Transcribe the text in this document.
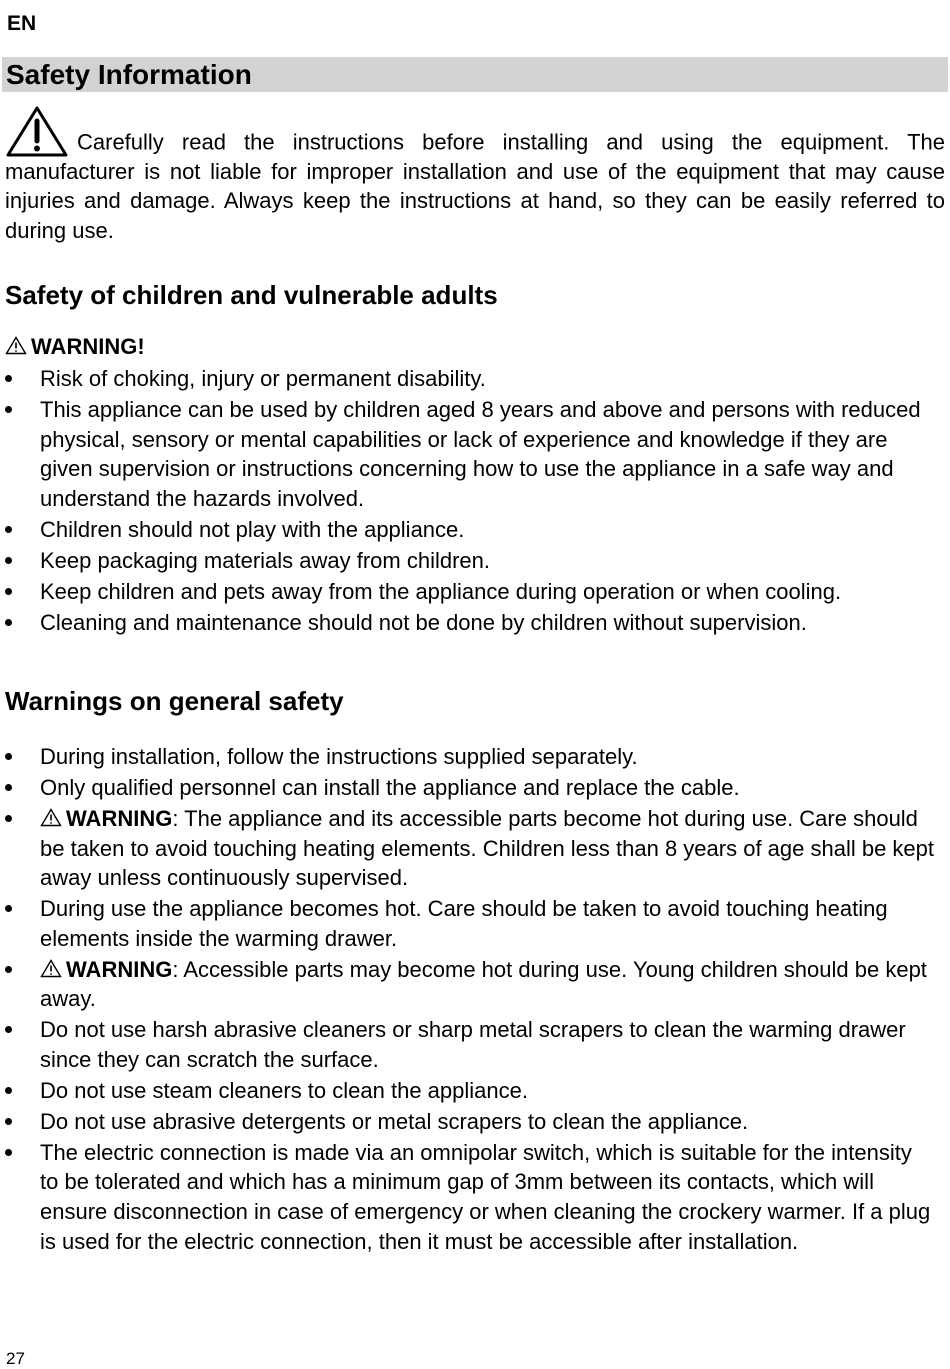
EN
Safety Information
Carefully read the instructions before installing and using the equipment. The manufacturer is not liable for improper installation and use of the equipment that may cause injuries and damage. Always keep the instructions at hand, so they can be easily referred to during use.
Safety of children and vulnerable adults
WARNING!
Risk of choking, injury or permanent disability.
This appliance can be used by children aged 8 years and above and persons with reduced physical, sensory or mental capabilities or lack of experience and knowledge if they are given supervision or instructions concerning how to use the appliance in a safe way and understand the hazards involved.
Children should not play with the appliance.
Keep packaging materials away from children.
Keep children and pets away from the appliance during operation or when cooling.
Cleaning and maintenance should not be done by children without supervision.
Warnings on general safety
During installation, follow the instructions supplied separately.
Only qualified personnel can install the appliance and replace the cable.
WARNING: The appliance and its accessible parts become hot during use. Care should be taken to avoid touching heating elements. Children less than 8 years of age shall be kept away unless continuously supervised.
During use the appliance becomes hot. Care should be taken to avoid touching heating elements inside the warming drawer.
WARNING: Accessible parts may become hot during use. Young children should be kept away.
Do not use harsh abrasive cleaners or sharp metal scrapers to clean the warming drawer since they can scratch the surface.
Do not use steam cleaners to clean the appliance.
Do not use abrasive detergents or metal scrapers to clean the appliance.
The electric connection is made via an omnipolar switch, which is suitable for the intensity to be tolerated and which has a minimum gap of 3mm between its contacts, which will ensure disconnection in case of emergency or when cleaning the crockery warmer. If a plug is used for the electric connection, then it must be accessible after installation.
27
